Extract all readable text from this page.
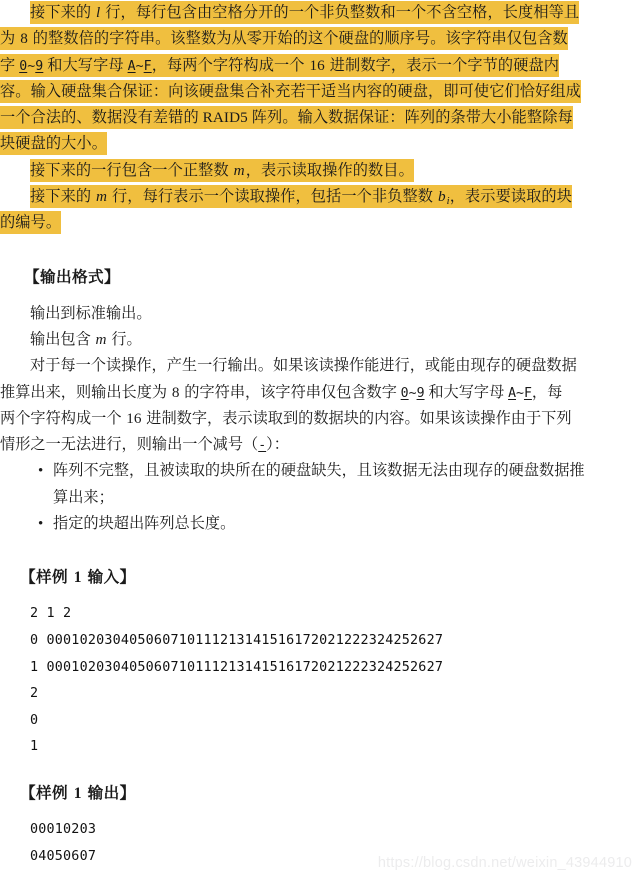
接下来的 l 行，每行包含由空格分开的一个非负整数和一个不含空格，长度相等且
为 8 的整数倍的字符串。该整数为从零开始的这个硬盘的顺序号。该字符串仅包含数
字 0~9 和大写字母 A~F，每两个字符构成一个 16 进制数字，表示一个字节的硬盘内
容。输入硬盘集合保证：向该硬盘集合补充若干适当内容的硬盘，即可使它们恰好组成
一个合法的、数据没有差错的 RAID5 阵列。输入数据保证：阵列的条带大小能整除每
块硬盘的大小。
接下来的一行包含一个正整数 m，表示读取操作的数目。
接下来的 m 行，每行表示一个读取操作，包括一个非负整数 $b_i$，表示要读取的块
的编号。
【输出格式】
输出到标准输出。
输出包含 m 行。
对于每一个读操作，产生一行输出。如果该读操作能进行，或能由现存的硬盘数据
推算出来，则输出长度为 8 的字符串，该字符串仅包含数字 0~9 和大写字母 A~F，每
两个字符构成一个 16 进制数字，表示读取到的数据块的内容。如果该读操作由于下列
情形之一无法进行，则输出一个减号（-）：
• 阵列不完整，且被读取的块所在的硬盘缺失，且该数据无法由现存的硬盘数据推
算出来；
• 指定的块超出阵列总长度。
【样例 1 输入】
2 1 2
0 000102030405060710111213141516172021222324252627
1 000102030405060710111213141516172021222324252627
2
0
1
【样例 1 输出】
00010203
04050607	https://blog.csdn.net/weixin_43944910
